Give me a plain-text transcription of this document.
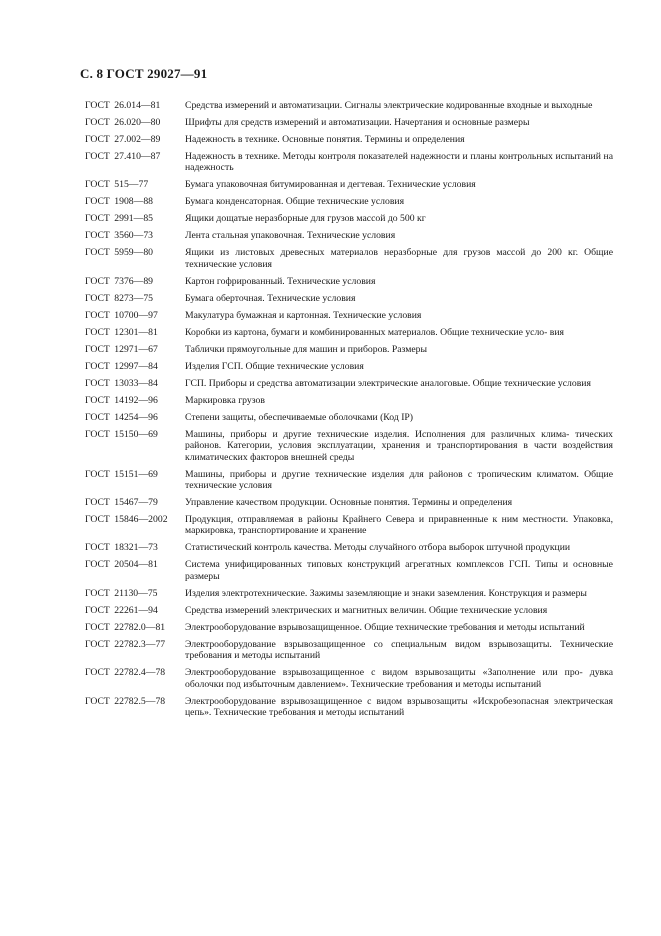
С. 8 ГОСТ 29027—91
ГОСТ 26.014—81	Средства измерений и автоматизации. Сигналы электрические кодированные входные и выходные
ГОСТ 26.020—80	Шрифты для средств измерений и автоматизации. Начертания и основные размеры
ГОСТ 27.002—89	Надежность в технике. Основные понятия. Термины и определения
ГОСТ 27.410—87	Надежность в технике. Методы контроля показателей надежности и планы контрольных испытаний на надежность
ГОСТ 515—77	Бумага упаковочная битумированная и дегтевая. Технические условия
ГОСТ 1908—88	Бумага конденсаторная. Общие технические условия
ГОСТ 2991—85	Ящики дощатые неразборные для грузов массой до 500 кг
ГОСТ 3560—73	Лента стальная упаковочная. Технические условия
ГОСТ 5959—80	Ящики из листовых древесных материалов неразборные для грузов массой до 200 кг. Общие технические условия
ГОСТ 7376—89	Картон гофрированный. Технические условия
ГОСТ 8273—75	Бумага оберточная. Технические условия
ГОСТ 10700—97	Макулатура бумажная и картонная. Технические условия
ГОСТ 12301—81	Коробки из картона, бумаги и комбинированных материалов. Общие технические усло- вия
ГОСТ 12971—67	Таблички прямоугольные для машин и приборов. Размеры
ГОСТ 12997—84	Изделия ГСП. Общие технические условия
ГОСТ 13033—84	ГСП. Приборы и средства автоматизации электрические аналоговые. Общие технические условия
ГОСТ 14192—96	Маркировка грузов
ГОСТ 14254—96	Степени защиты, обеспечиваемые оболочками (Код IP)
ГОСТ 15150—69	Машины, приборы и другие технические изделия. Исполнения для различных клима- тических районов. Категории, условия эксплуатации, хранения и транспортирования в части воздействия климатических факторов внешней среды
ГОСТ 15151—69	Машины, приборы и другие технические изделия для районов с тропическим климатом. Общие технические условия
ГОСТ 15467—79	Управление качеством продукции. Основные понятия. Термины и определения
ГОСТ 15846—2002	Продукция, отправляемая в районы Крайнего Севера и приравненные к ним местности. Упаковка, маркировка, транспортирование и хранение
ГОСТ 18321—73	Статистический контроль качества. Методы случайного отбора выборок штучной продукции
ГОСТ 20504—81	Система унифицированных типовых конструкций агрегатных комплексов ГСП. Типы и основные размеры
ГОСТ 21130—75	Изделия электротехнические. Зажимы заземляющие и знаки заземления. Конструкция и размеры
ГОСТ 22261—94	Средства измерений электрических и магнитных величин. Общие технические условия
ГОСТ 22782.0—81	Электрооборудование взрывозащищенное. Общие технические требования и методы испытаний
ГОСТ 22782.3—77	Электрооборудование взрывозащищенное со специальным видом взрывозащиты. Технические требования и методы испытаний
ГОСТ 22782.4—78	Электрооборудование взрывозащищенное с видом взрывозащиты «Заполнение или про- дувка оболочки под избыточным давлением». Технические требования и методы испытаний
ГОСТ 22782.5—78	Электрооборудование взрывозащищенное с видом взрывозащиты «Искробезопасная электрическая цепь». Технические требования и методы испытаний
